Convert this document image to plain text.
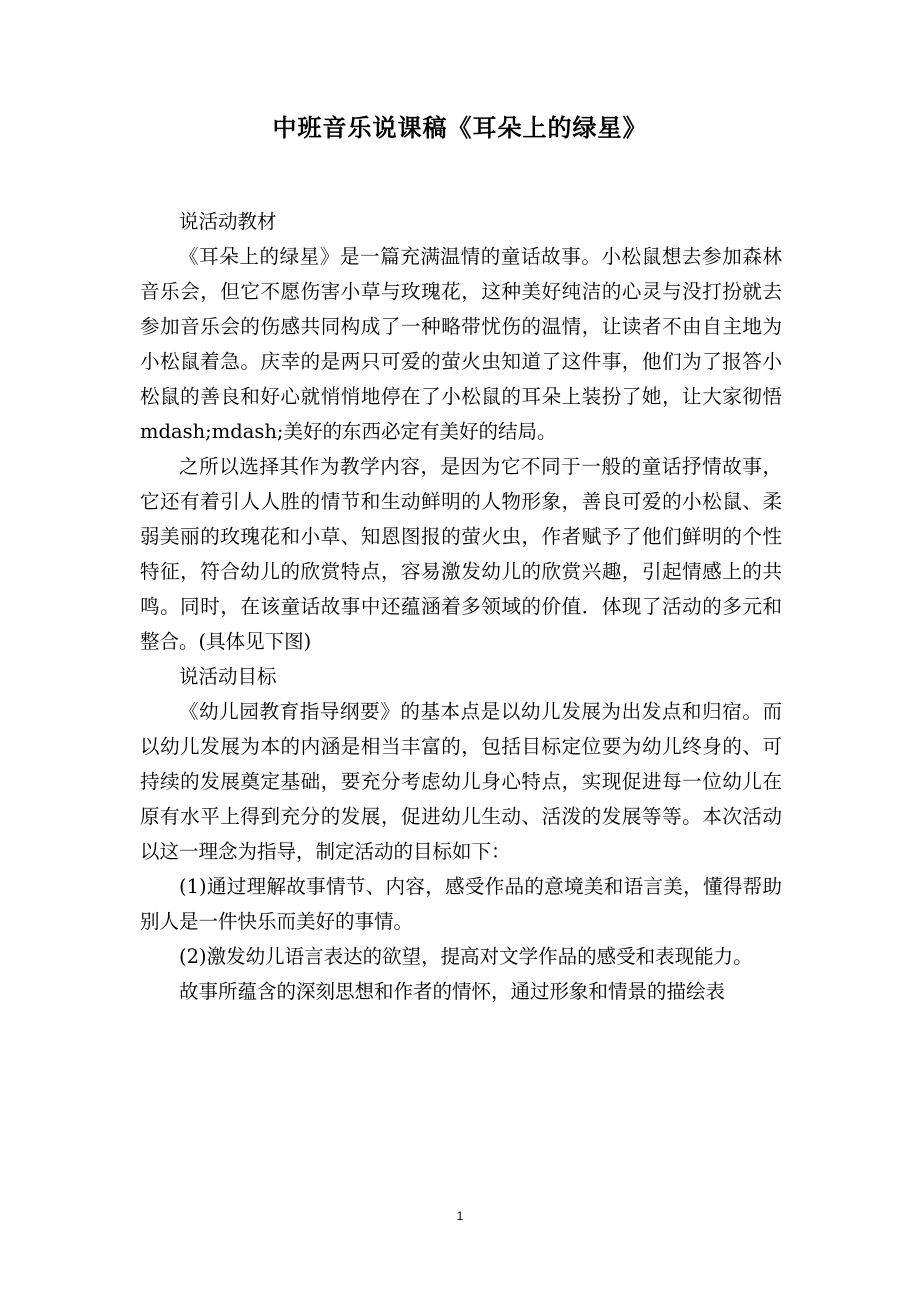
中班音乐说课稿《耳朵上的绿星》

说活动教材

《耳朵上的绿星》是一篇充满温情的童话故事。小松鼠想去参加森林音乐会，但它不愿伤害小草与玫瑰花，这种美好纯洁的心灵与没打扮就去参加音乐会的伤感共同构成了一种略带忧伤的温情，让读者不由自主地为小松鼠着急。庆幸的是两只可爱的萤火虫知道了这件事，他们为了报答小松鼠的善良和好心就悄悄地停在了小松鼠的耳朵上装扮了她，让大家彻悟 mdash;mdash;美好的东西必定有美好的结局。

之所以选择其作为教学内容，是因为它不同于一般的童话抒情故事，它还有着引人人胜的情节和生动鲜明的人物形象，善良可爱的小松鼠、柔弱美丽的玫瑰花和小草、知恩图报的萤火虫，作者赋予了他们鲜明的个性特征，符合幼儿的欣赏特点，容易激发幼儿的欣赏兴趣，引起情感上的共鸣。同时，在该童话故事中还蕴涵着多领域的价值．体现了活动的多元和整合。(具体见下图)

说活动目标

《幼儿园教育指导纲要》的基本点是以幼儿发展为出发点和归宿。而以幼儿发展为本的内涵是相当丰富的，包括目标定位要为幼儿终身的、可持续的发展奠定基础，要充分考虑幼儿身心特点，实现促进每一位幼儿在原有水平上得到充分的发展，促进幼儿生动、活泼的发展等等。本次活动以这一理念为指导，制定活动的目标如下：

(1)通过理解故事情节、内容，感受作品的意境美和语言美，懂得帮助别人是一件快乐而美好的事情。

(2)激发幼儿语言表达的欲望，提高对文学作品的感受和表现能力。

故事所蕴含的深刻思想和作者的情怀，通过形象和情景的描绘表

1
